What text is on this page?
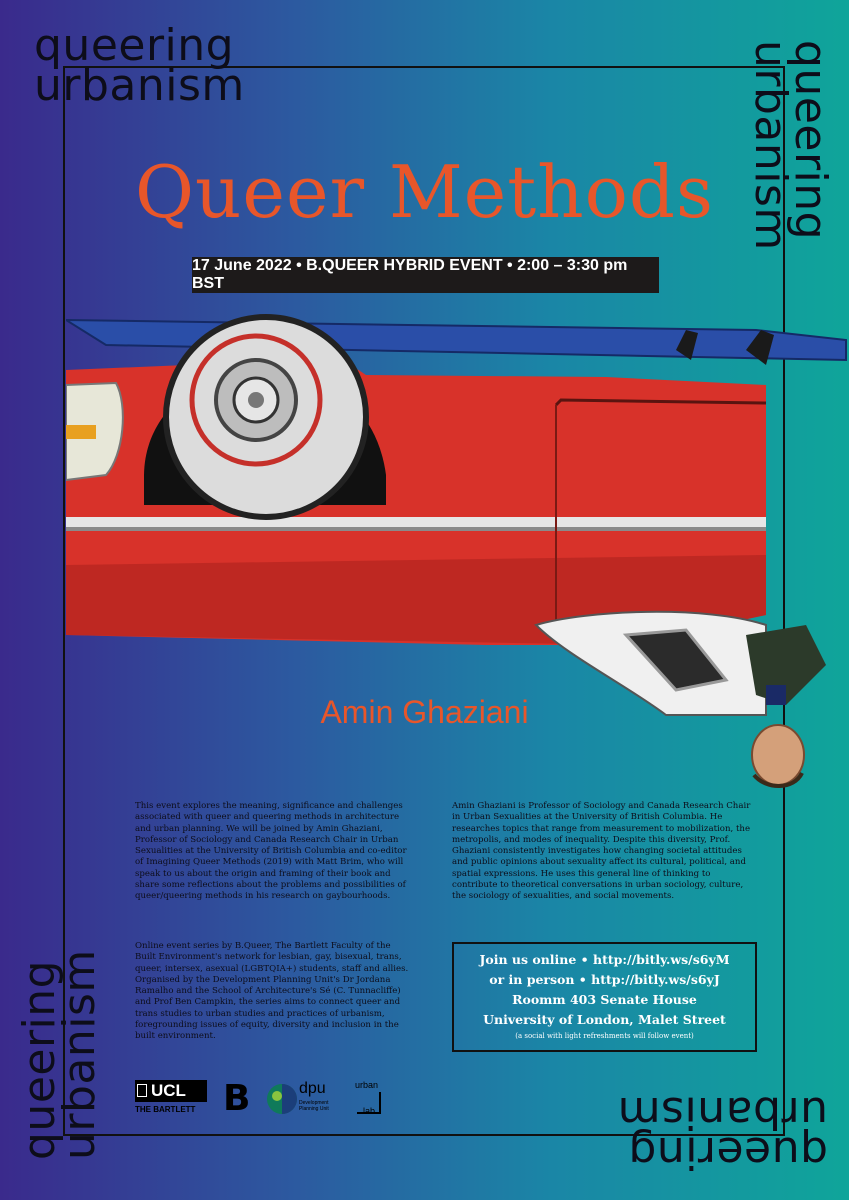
queering
urbanism	queering
urbanism
queering
urbanism	queering
urbanism
Queer Methods
17 June 2022 • B.QUEER HYBRID EVENT • 2:00 – 3:30 pm BST
Amin Ghaziani
This event explores the meaning, significance and challenges associated with queer and queering methods in architecture and urban planning. We will be joined by Amin Ghaziani, Professor of Sociology and Canada Research Chair in Urban Sexualities at the University of British Columbia and co-editor of Imagining Queer Methods (2019) with Matt Brim, who will speak to us about the origin and framing of their book and share some reflections about the problems and possibilities of queer/queering methods in his research on gaybourhoods.
Amin Ghaziani is Professor of Sociology and Canada Research Chair in Urban Sexualities at the University of British Columbia. He researches topics that range from measurement to mobilization, the metropolis, and modes of inequality. Despite this diversity, Prof. Ghaziani consistently investigates how changing societal attitudes and public opinions about sexuality affect its cultural, political, and spatial expressions. He uses this general line of thinking to contribute to theoretical conversations in urban sociology, culture, the sociology of sexualities, and social movements.
Online event series by B.Queer, The Bartlett Faculty of the Built Environment's network for lesbian, gay, bisexual, trans, queer, intersex, asexual (LGBTQIA+) students, staff and allies. Organised by the Development Planning Unit's Dr Jordana Ramalho and the School of Architecture's Sé (C. Tunnacliffe) and Prof Ben Campkin, the series aims to connect queer and trans studies to urban studies and practices of urbanism, foregrounding issues of equity, diversity and inclusion in the built environment.
Join us online • http://bitly.ws/s6yM
or in person • http://bitly.ws/s6yJ
Roomm 403 Senate House
University of London, Malet Street
(a social with light refreshments will follow event)
UCL
THE BARTLETT B	dpu
Development
Planning Unit
urban
lab
